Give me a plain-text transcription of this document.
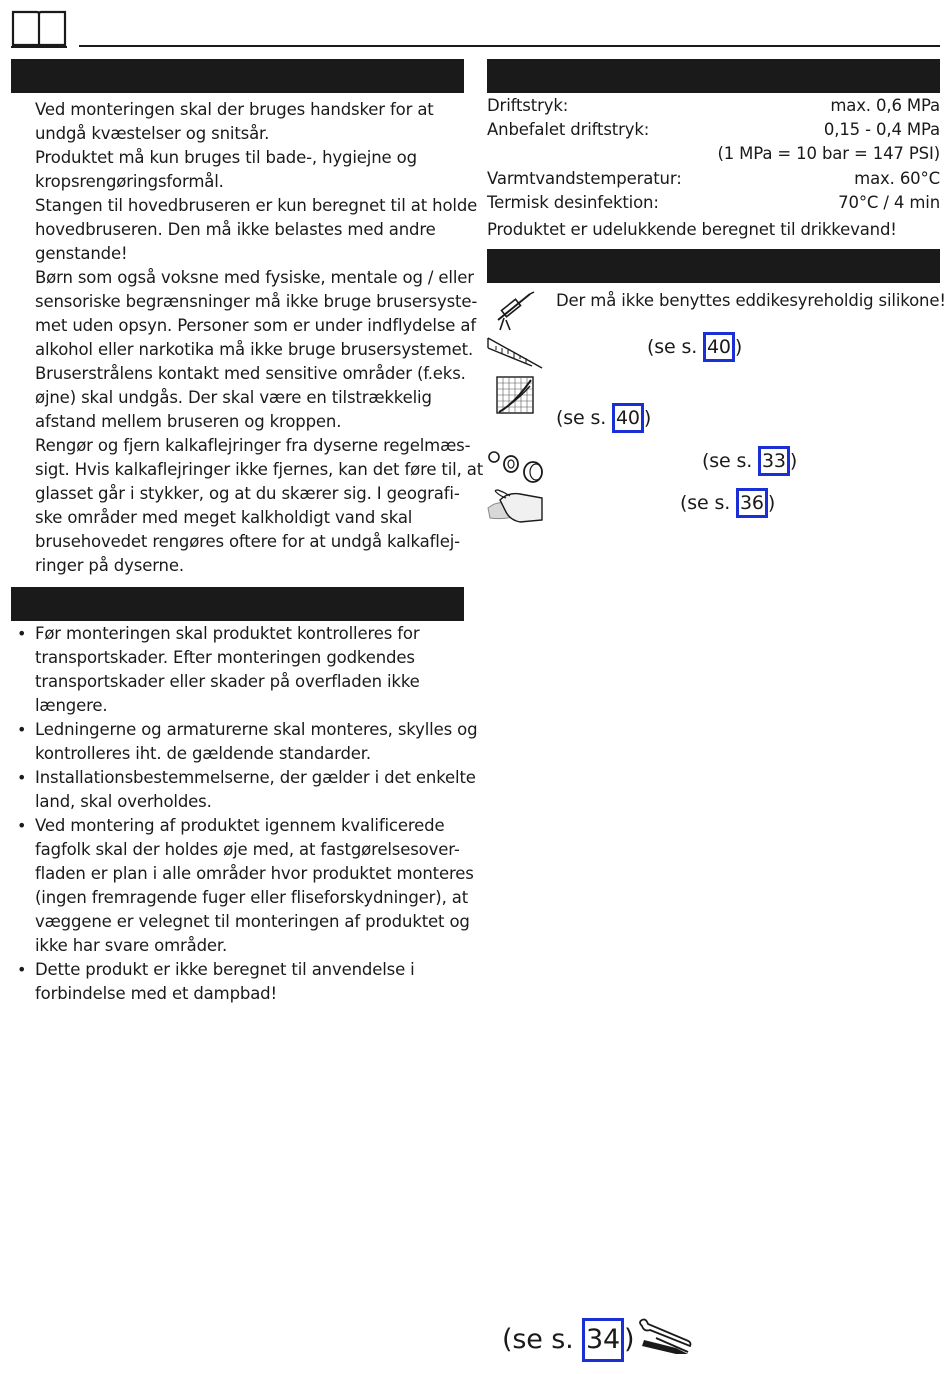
Ved monteringen skal der bruges handsker for at
undgå kvæstelser og snitsår.
Produktet må kun bruges til bade-, hygiejne og
kropsrengøringsformål.
Stangen til hovedbruseren er kun beregnet til at holde
hovedbruseren. Den må ikke belastes med andre
genstande!
Børn som også voksne med fysiske, mentale og / eller
sensoriske begrænsninger må ikke bruge brusersyste-
met uden opsyn. Personer som er under indflydelse af
alkohol eller narkotika må ikke bruge brusersystemet.
Bruserstrålens kontakt med sensitive områder (f.eks.
øjne) skal undgås. Der skal være en tilstrækkelig
afstand mellem bruseren og kroppen.
Rengør og fjern kalkaflejringer fra dyserne regelmæs-
sigt. Hvis kalkaflejringer ikke fjernes, kan det føre til, at
glasset går i stykker, og at du skærer sig. I geografi-
ske områder med meget kalkholdigt vand skal
brusehovedet rengøres oftere for at undgå kalkaflej-
ringer på dyserne.
•
•
•
•
•
Før monteringen skal produktet kontrolleres for
transportskader. Efter monteringen godkendes
transportskader eller skader på overfladen ikke
længere.
Ledningerne og armaturerne skal monteres, skylles og
kontrolleres iht. de gældende standarder.
Installationsbestemmelserne, der gælder i det enkelte
land, skal overholdes.
Ved montering af produktet igennem kvalificerede
fagfolk skal der holdes øje med, at fastgørelsesover-
fladen er plan i alle områder hvor produktet monteres
(ingen fremragende fuger eller fliseforskydninger), at
væggene er velegnet til monteringen af produktet og
ikke har svare områder.
Dette produkt er ikke beregnet til anvendelse i
forbindelse med et dampbad!
Driftstryk:	max. 0,6 MPa
Anbefalet driftstryk:	0,15 - 0,4 MPa
(1 MPa = 10 bar = 147 PSI)
Varmtvandstemperatur:	max. 60°C
Termisk desinfektion:	70°C / 4 min
Produktet er udelukkende beregnet til drikkevand!
Der må ikke benyttes eddikesyreholdig silikone!
(se s. 40 )
(se s. 40 )
(se s. 33 )
(se s. 36 )
(se s. 34 )
